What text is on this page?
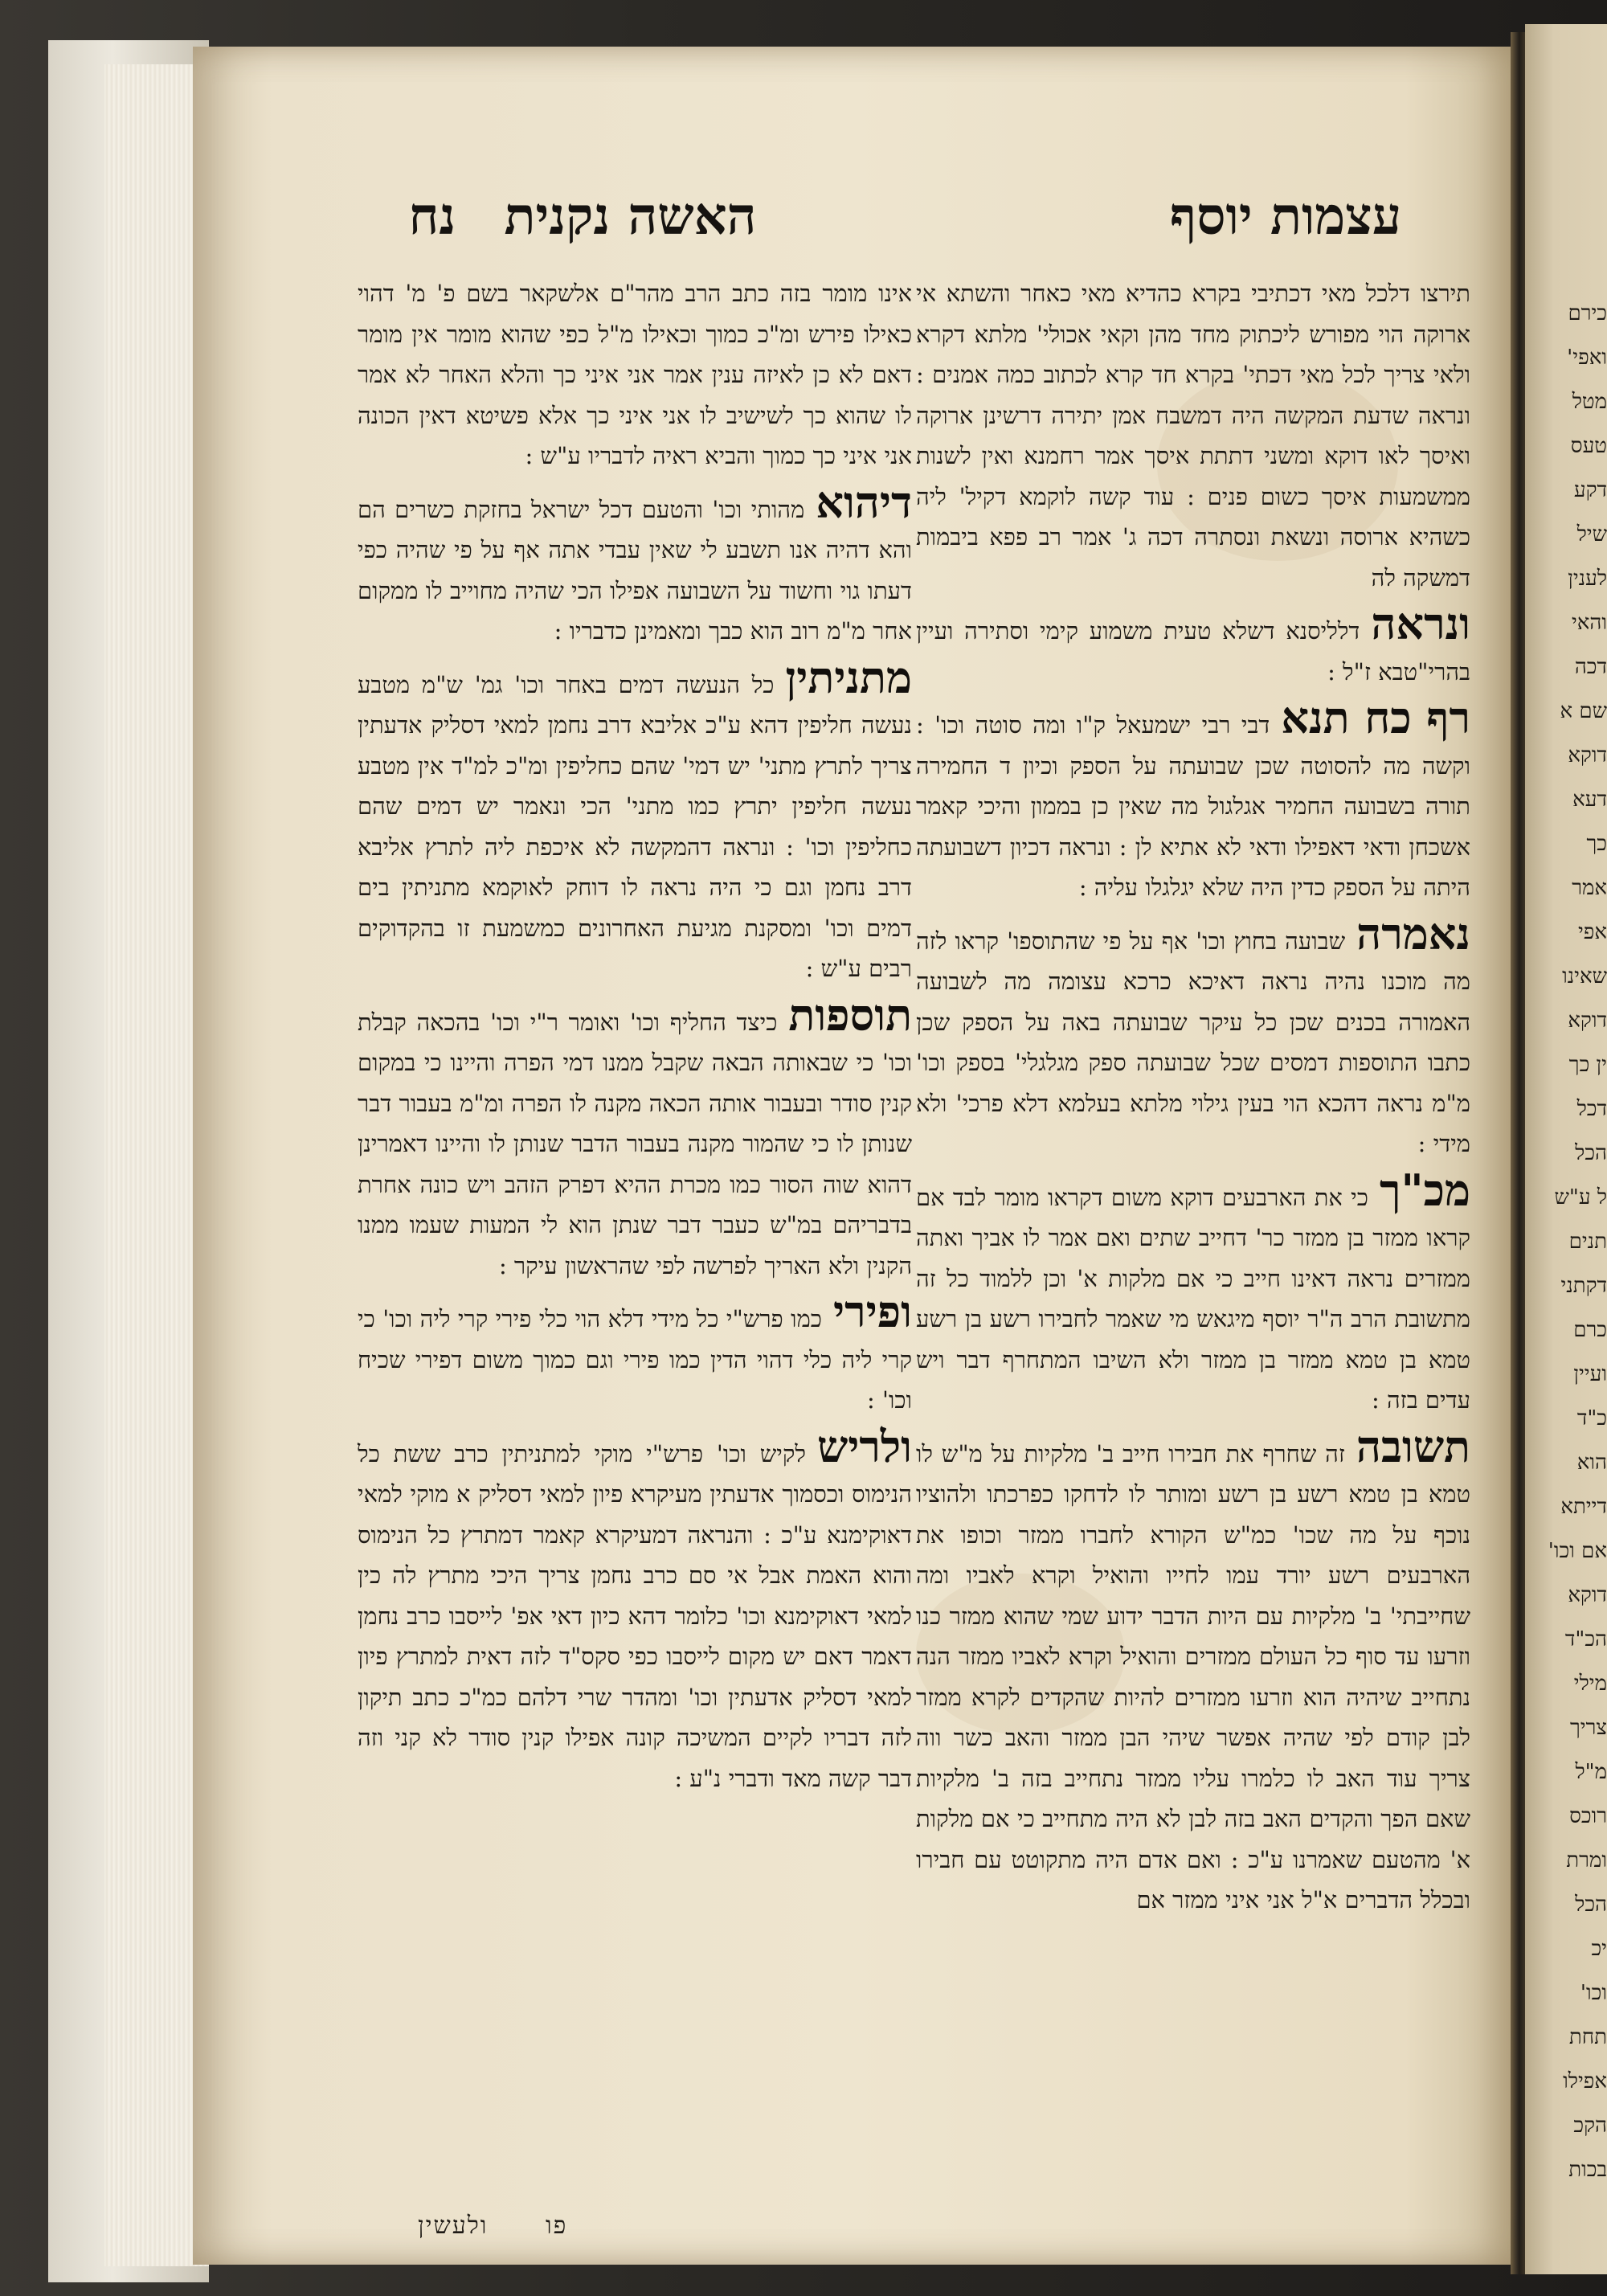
כירם
ואפי'
מטל
טעס
דקע
שיל
לענין
והאי
דכה
שם א
דוקא
דעא
כך
אמר
אפי
שאינו
דוקא
ין כך
דכל
הכל
ל ע"ש
תנים
דקתני
כרם
ועיין
כ"ד
הוא
דייתא
אם וכו'
דוקא
הכ"ד
מילי
צריך
מ"ל
רוכס
ומרת
הכל
יכ
וכו'
תחת
אפילו
הקכ
בכות
האשה נקנית נח	עצמות יוסף

אינו מומר בזה כתב הרב מהר"ם אלשקאר בשם פ' מ' דהוי כאילו פירש ומ"כ כמוך וכאילו מ"ל כפי שהוא מומר אין מומר דאם לא כן לאיזה ענין אמר אני איני כך והלא האחר לא אמר לו שהוא כך לשישיב לו אני איני כך אלא פשיטא דאין הכונה אני איני כך כמוך והביא ראיה לדבריו ע"ש :

דיהואמהותי וכו' והטעם דכל ישראל בחזקת כשרים הם והא דהיה אנו תשבע לי שאין עבדי אתה אף על פי שהיה כפי דעתו גוי וחשוד על השבועה אפילו הכי שהיה מחוייב לו ממקום אחר מ"מ רוב הוא כבך ומאמינן כדבריו :

מתניתיןכל הנעשה דמים באחר וכו' גמ' ש"מ מטבע נעשה חליפין דהא ע"כ אליבא דרב נחמן למאי דסליק אדעתין צריך לתרץ מתני' יש דמי' שהם כחליפין ומ"כ למ"ד אין מטבע נעשה חליפין יתרץ כמו מתני' הכי ונאמר יש דמים שהם כחליפין וכו' : ונראה דהמקשה לא איכפת ליה לתרץ אליבא דרב נחמן וגם כי היה נראה לו דוחק לאוקמא מתניתין בים דמים וכו' ומסקנת מגיעת האחרונים כמשמעת זו בהקדוקים רבים ע"ש :

תוספותכיצד החליף וכו' ואומר ר"י וכו' בהכאה קבלת וכו' כי שבאותה הבאה שקבל ממנו דמי הפרה והיינו כי במקום קנין סודר ובעבור אותה הכאה מקנה לו הפרה ומ"מ בעבור דבר שנותן לו כי שהמור מקנה בעבור הדבר שנותן לו והיינו דאמרינן דהוא שוה הסור כמו מכרת ההיא דפרק הזהב ויש כונה אחרת בדבריהם במ"ש כעבר דבר שנתן הוא לי המעות שעמו ממנו הקנין ולא האריך לפרשה לפי שהראשון עיקר :

ופיריכמו פרש"י כל מידי דלא הוי כלי פירי קרי ליה וכו' כי קרי ליה כלי דהוי הדין כמו פירי וגם כמוך משום דפירי שכיח וכו' :

ולרישלקיש וכו' פרש"י מוקי למתניתין כרב ששת כל הנימוס וכסמוך אדעתין מעיקרא פיון למאי דסליק א מוקי למאי דאוקימנא ע"כ : והנראה דמעיקרא קאמר דמתרץ כל הנימוס והוא האמת אבל אי סם כרב נחמן צריך היכי מתרץ לה כין למאי דאוקימנא וכו' כלומר דהא כיון דאי אפ' לייסבו כרב נחמן דאמר דאם יש מקום לייסבו כפי סקס"ד לזה דאית למתרץ פיון למאי דסליק אדעתין וכו' ומהדר שרי דלהם כמ"כ כתב תיקון לזה דבריו לקיים המשיכה קונה אפילו קנין סודר לא קני וזה דבר קשה מאד ודברי נ"ע :

תירצו דלכל מאי דכתיבי בקרא כהדיא מאי כאחר והשתא אי ארוקה הוי מפורש ליכתוק מחד מהן וקאי אכולי' מלתא דקרא ולאי צריך לכל מאי דכתי' בקרא חד קרא לכתוב כמה אמנים : ונראה שדעת המקשה היה דמשבח אמן יתירה דרשינן ארוקה ואיסך לאו דוקא ומשני דתתת איסך אמר רחמנא ואין לשנות ממשמעות איסך כשום פנים : עוד קשה לוקמא דקיל' ליה כשהיא ארוסה ונשאת ונסתרה דכה ג' אמר רב פפא ביבמות דמשקה לה

ונראהדלליסנא דשלא טעית משמוע קימי וסתירה ועיין בהרי"טבא ז"ל :

רף כח תנאדבי רבי ישמעאל ק"ו ומה סוטה וכו' : וקשה מה להסוטה שכן שבועתה על הספק וכיון ד החמירה תורה בשבועה החמיר אגלגול מה שאין כן בממון והיכי קאמר אשכחן ודאי דאפילו ודאי לא אתיא לן : ונראה דכיון דשבועתה היתה על הספק כדין היה שלא יגלגלו עליה :

נאמרהשבועה בחוץ וכו' אף על פי שהתוספו' קראו לזה מה מוכנו נהיה נראה דאיכא כרכא עצומה מה לשבועה האמורה בכנים שכן כל עיקר שבועתה באה על הספק שכן כתבו התוספות דמסים שכל שבועתה ספק מגלגלי' בספק וכו' מ"מ נראה דהכא הוי בעין גילוי מלתא בעלמא דלא פרכי' ולא מידי :

מכ"ךכי את הארבעים דוקא משום דקראו מומר לבד אם קראו ממזר בן ממזר כר' דחייב שתים ואם אמר לו אביך ואתה ממזרים נראה דאינו חייב כי אם מלקות א' וכן ללמוד כל זה מתשובת הרב ה"ר יוסף מיגאש מי שאמר לחבירו רשע בן רשע טמא בן טמא ממזר בן ממזר ולא השיבו המתחרף דבר ויש עדים בזה :

תשובהזה שחרף את חבירו חייב ב' מלקיות על מ"ש לו טמא בן טמא רשע בן רשע ומותר לו לדחקו כפרכתו ולהוציו נוכף על מה שכו' כמ"ש הקורא לחברו ממזר וכופו את הארבעים רשע יורד עמו לחייו והואיל וקרא לאביו ומה שחייבתי' ב' מלקיות עם היות הדבר ידוע שמי שהוא ממזר כנו וזרעו עד סוף כל העולם ממזרים והואיל וקרא לאביו ממזר הנה נתחייב שיהיה הוא וזרעו ממזרים להיות שהקדים לקרא ממזר לבן קודם לפי שהיה אפשר שיהי הבן ממזר והאב כשר ווה צריך עוד האב לו כלמרו עליו ממזר נתחייב בזה ב' מלקיות שאם הפך והקדים האב בזה לבן לא היה מתחייב כי אם מלקות א' מהטעם שאמרנו ע"כ : ואם אדם היה מתקוטט עם חבירו ובכלל הדברים א"ל אני איני ממזר אם

פו ולעשין
